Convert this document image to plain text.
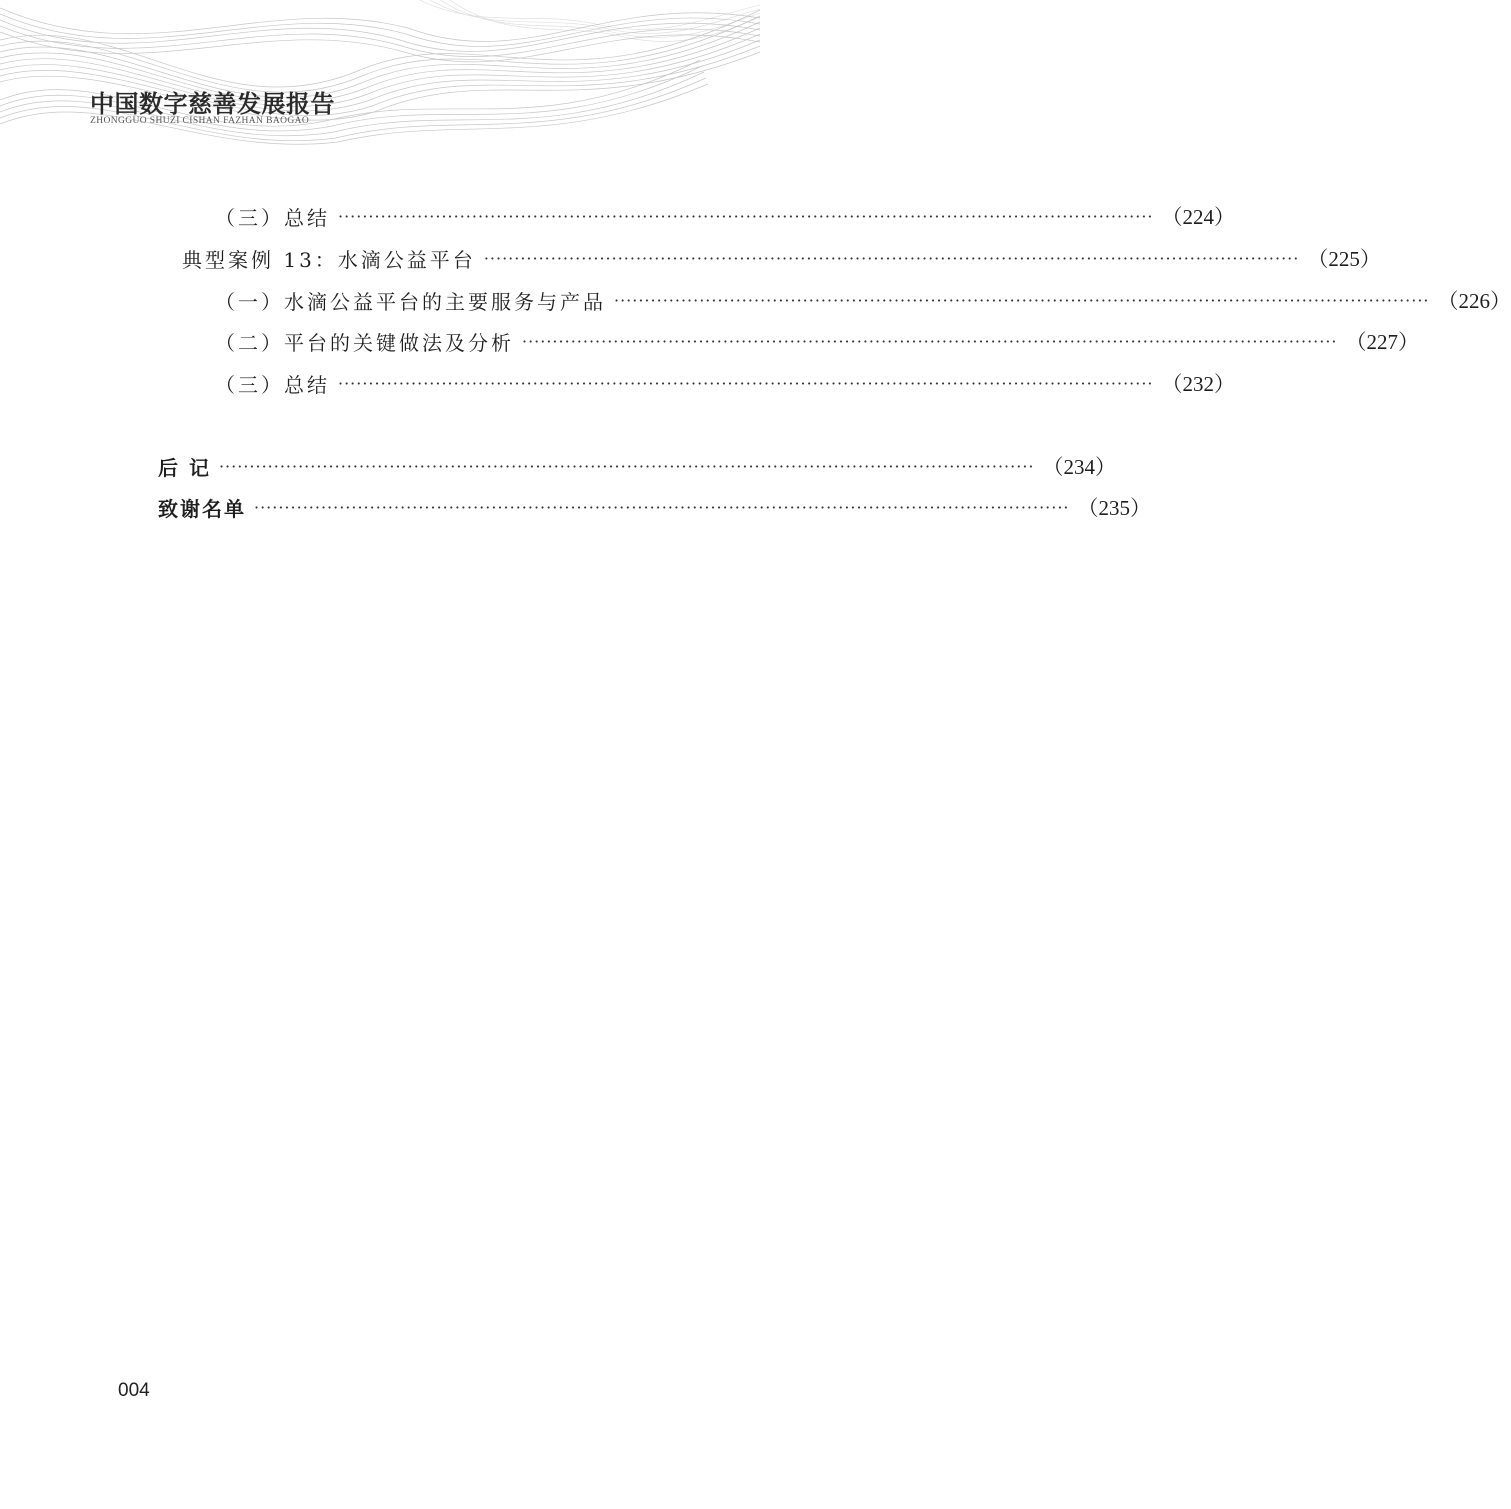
中国数字慈善发展报告
ZHONGGUO SHUZI CISHAN FAZHAN BAOGAO
（三）总结 ······································································································································ （224）
典型案例 13：水滴公益平台 ······································································································································ （225）
（一）水滴公益平台的主要服务与产品 ······································································································································ （226）
（二）平台的关键做法及分析 ······································································································································ （227）
（三）总结 ······································································································································ （232）
后 记 ······································································································································ （234）
致谢名单 ······································································································································ （235）
004
